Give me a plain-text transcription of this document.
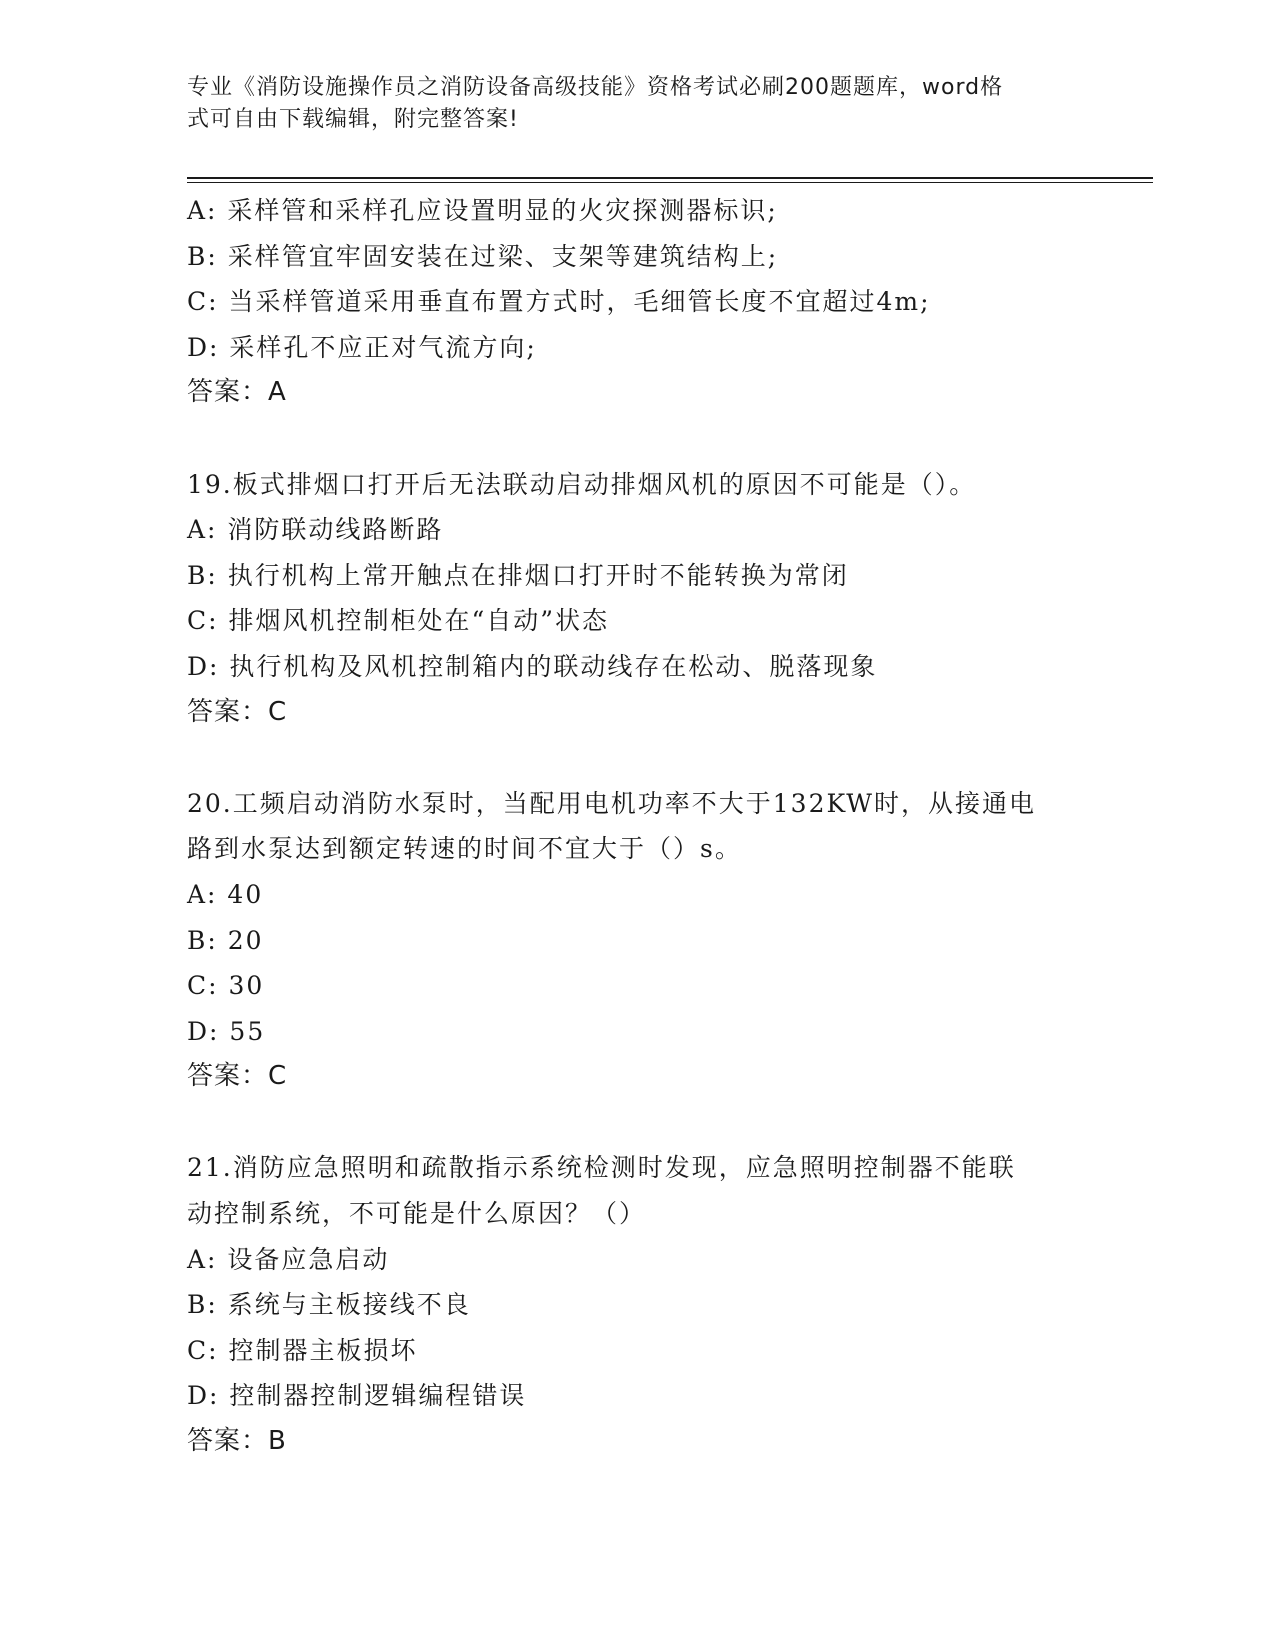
专业《消防设施操作员之消防设备高级技能》资格考试必刷200题题库，word格
式可自由下载编辑，附完整答案!
A: 采样管和采样孔应设置明显的火灾探测器标识;
B: 采样管宜牢固安装在过梁、支架等建筑结构上;
C: 当采样管道采用垂直布置方式时，毛细管长度不宜超过4m;
D: 采样孔不应正对气流方向;
答案：A
19.板式排烟口打开后无法联动启动排烟风机的原因不可能是（）。
A: 消防联动线路断路
B: 执行机构上常开触点在排烟口打开时不能转换为常闭
C: 排烟风机控制柜处在“自动”状态
D: 执行机构及风机控制箱内的联动线存在松动、脱落现象
答案：C
20.工频启动消防水泵时，当配用电机功率不大于132KW时，从接通电
路到水泵达到额定转速的时间不宜大于（）s。
A: 40
B: 20
C: 30
D: 55
答案：C
21.消防应急照明和疏散指示系统检测时发现，应急照明控制器不能联
动控制系统，不可能是什么原因？（）
A: 设备应急启动
B: 系统与主板接线不良
C: 控制器主板损坏
D: 控制器控制逻辑编程错误
答案：B
